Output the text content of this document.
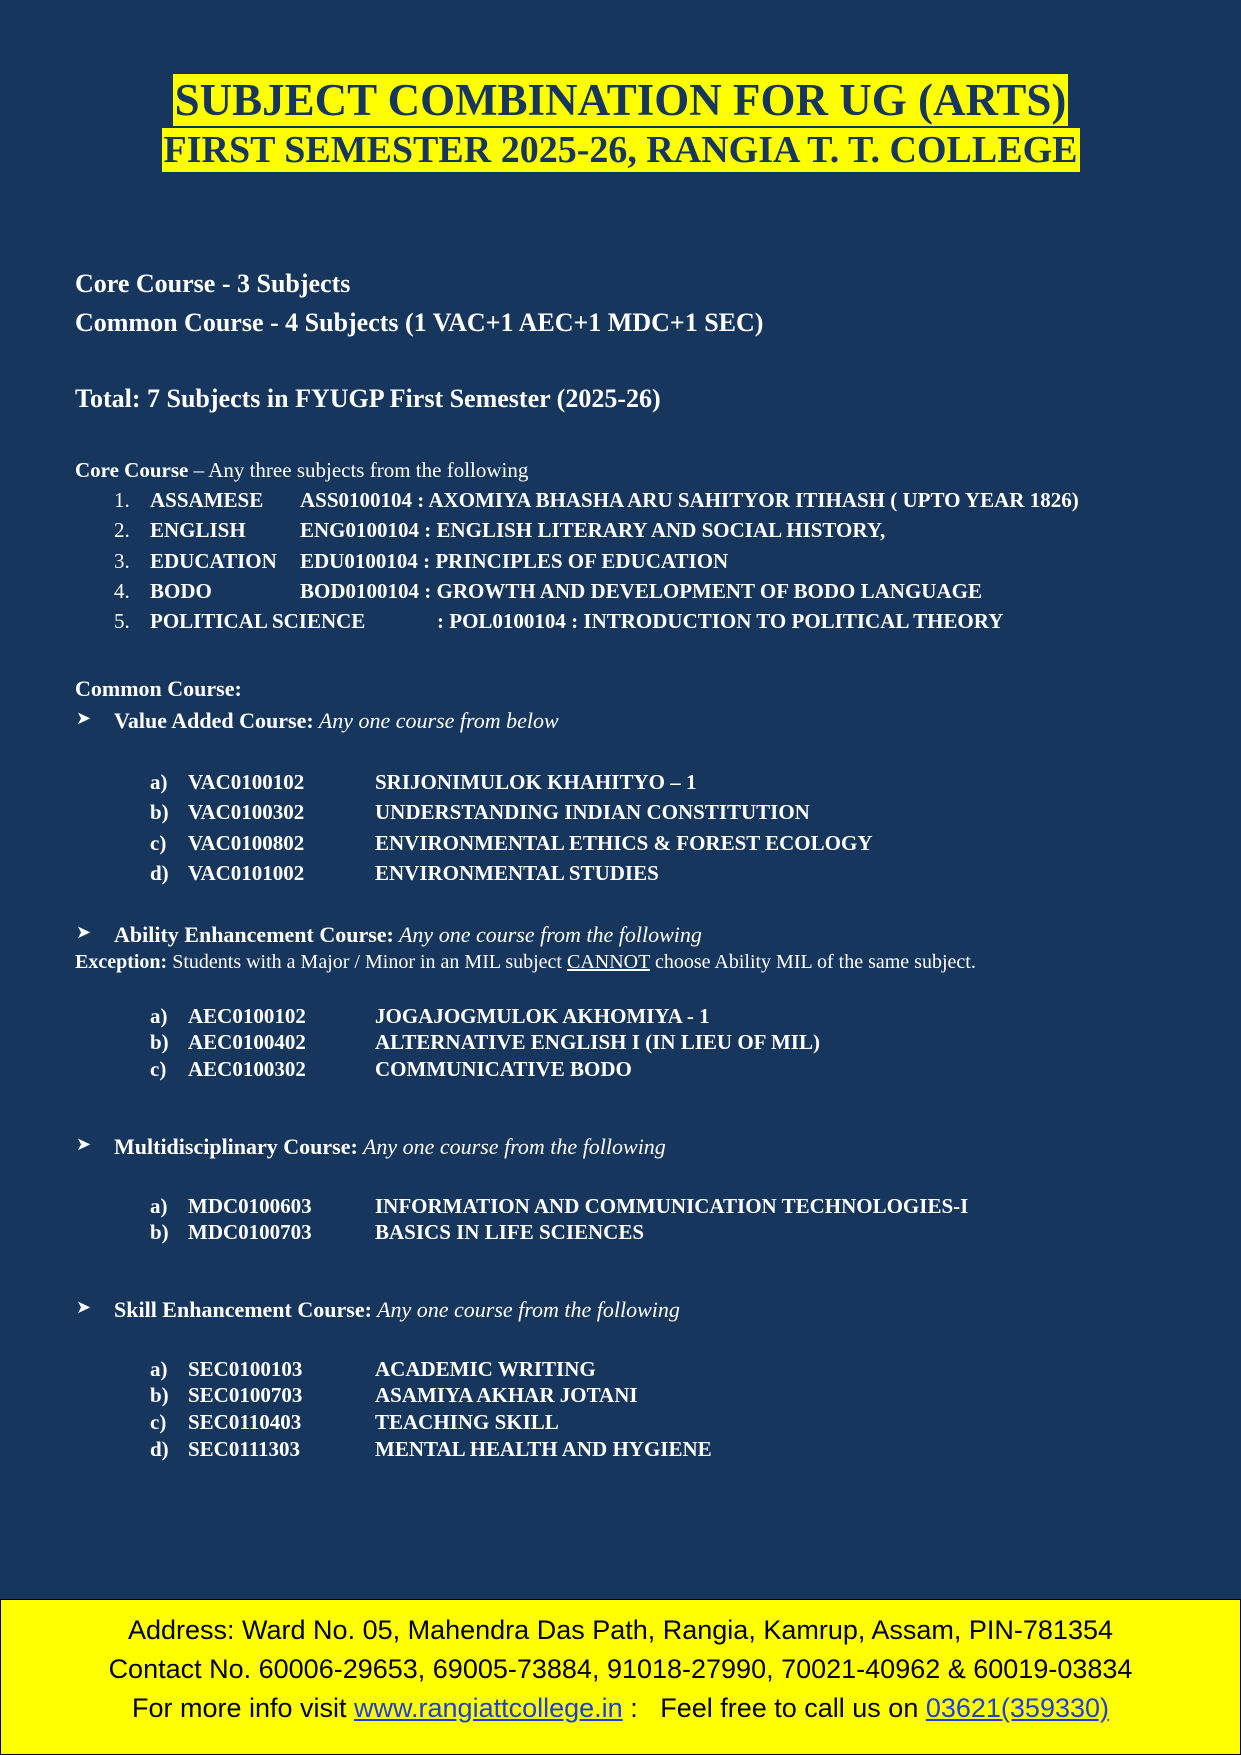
SUBJECT COMBINATION FOR UG (ARTS)
FIRST SEMESTER 2025-26, RANGIA T. T. COLLEGE
Core Course - 3 Subjects
Common Course - 4 Subjects (1 VAC+1 AEC+1 MDC+1 SEC)
Total: 7 Subjects in FYUGP First Semester (2025-26)
Core Course – Any three subjects from the following
1. ASSAMESE ASS0100104 : AXOMIYA BHASHA ARU SAHITYOR ITIHASH ( UPTO YEAR 1826)
2. ENGLISH	ENG0100104 : ENGLISH LITERARY AND SOCIAL HISTORY,
3. EDUCATION EDU0100104 : PRINCIPLES OF EDUCATION
4. BODO	BOD0100104 : GROWTH AND DEVELOPMENT OF BODO LANGUAGE
5. POLITICAL SCIENCE	: POL0100104 : INTRODUCTION TO POLITICAL THEORY
Common Course:
➤ Value Added Course: Any one course from below
a) VAC0100102	SRIJONIMULOK KHAHITYO – 1
b) VAC0100302	UNDERSTANDING INDIAN CONSTITUTION
c) VAC0100802	ENVIRONMENTAL ETHICS & FOREST ECOLOGY
d) VAC0101002	ENVIRONMENTAL STUDIES
➤ Ability Enhancement Course: Any one course from the following
Exception: Students with a Major / Minor in an MIL subject CANNOT choose Ability MIL of the same subject.
a) AEC0100102	JOGAJOGMULOK AKHOMIYA - 1
b) AEC0100402	ALTERNATIVE ENGLISH I (IN LIEU OF MIL)
c) AEC0100302	COMMUNICATIVE BODO
➤ Multidisciplinary Course: Any one course from the following
a) MDC0100603	INFORMATION AND COMMUNICATION TECHNOLOGIES-I
b) MDC0100703	BASICS IN LIFE SCIENCES
➤ Skill Enhancement Course: Any one course from the following
a) SEC0100103	ACADEMIC WRITING
b) SEC0100703	ASAMIYA AKHAR JOTANI
c) SEC0110403	TEACHING SKILL
d) SEC0111303	MENTAL HEALTH AND HYGIENE
Address: Ward No. 05, Mahendra Das Path, Rangia, Kamrup, Assam, PIN-781354
Contact No. 60006-29653, 69005-73884, 91018-27990, 70021-40962 & 60019-03834
For more info visit www.rangiattcollege.in :   Feel free to call us on 03621(359330)
